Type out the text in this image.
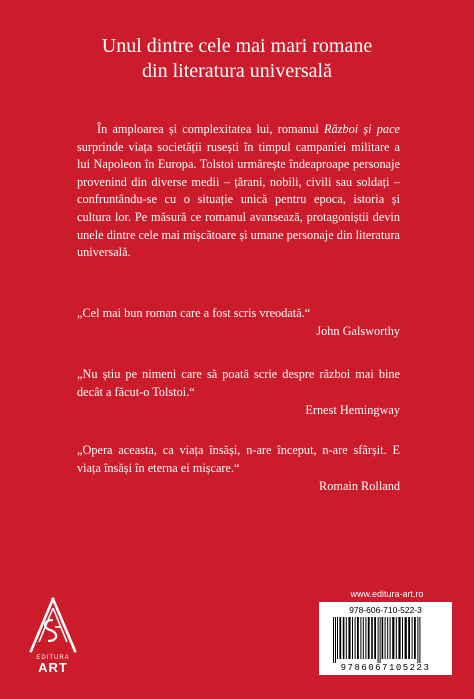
Unul dintre cele mai mari romane
din literatura universală

În amploarea și complexitatea lui, romanul Război și pace surprinde viața societății rusești în timpul campaniei militare a lui Napoleon în Europa. Tolstoi urmărește îndeaproape personaje provenind din diverse medii – țărani, nobili, civili sau soldați – confruntându-se cu o situație unică pentru epoca, istoria și cultura lor. Pe măsură ce romanul avansează, protagoniștii devin unele dintre cele mai mișcătoare și umane personaje din literatura universală.

„Cel mai bun roman care a fost scris vreodată.“
John Galsworthy
„Nu știu pe nimeni care să poată scrie despre război mai bine decât a făcut-o Tolstoi.“
Ernest Hemingway
„Opera aceasta, ca viața însăși, n-are început, n-are sfârșit. E viața însăși în eterna ei mișcare.“
Romain Rolland
EDITURA
ART
www.editura-art.ro
978-606-710-522-3
9786067105223
